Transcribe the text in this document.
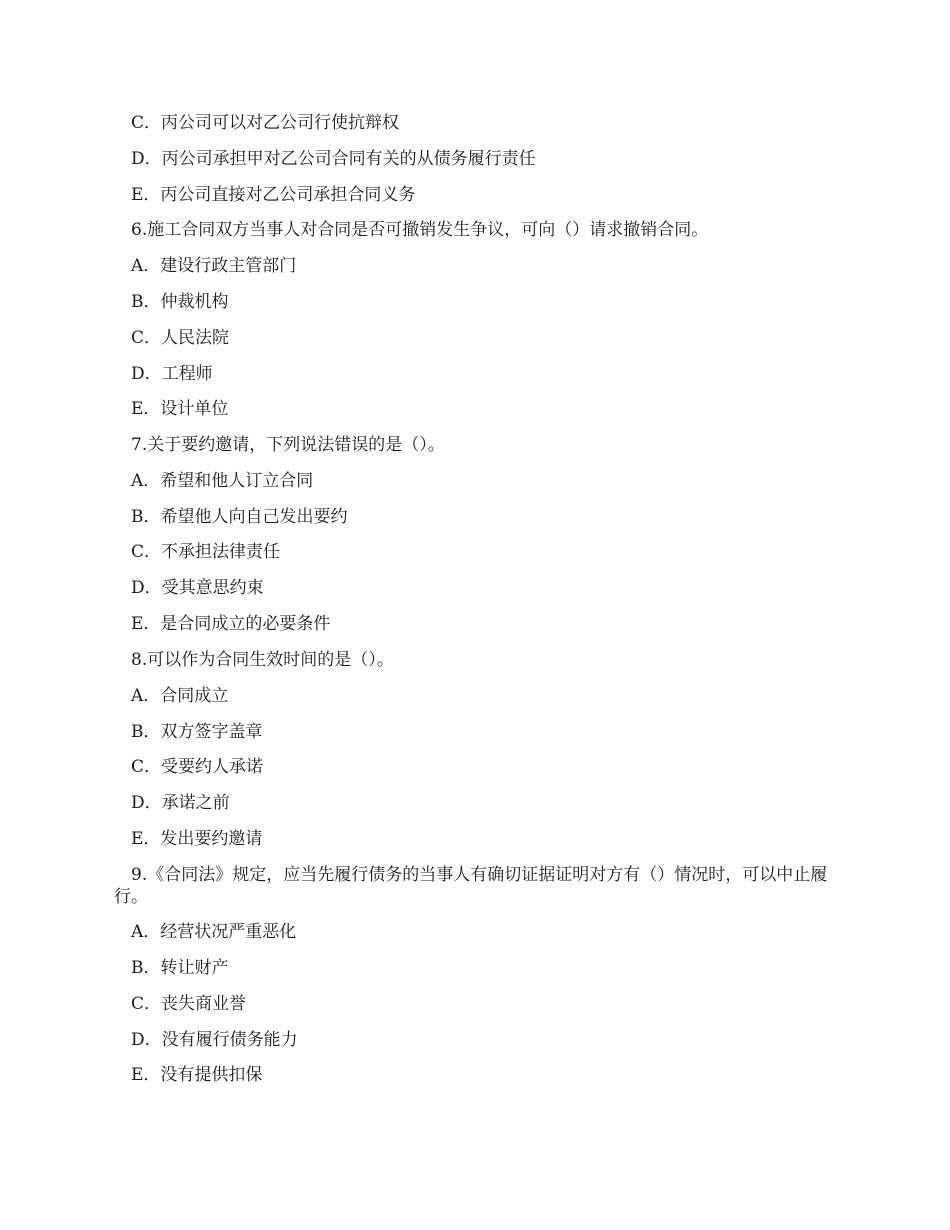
C．丙公司可以对乙公司行使抗辩权
D．丙公司承担甲对乙公司合同有关的从债务履行责任
E．丙公司直接对乙公司承担合同义务
6.施工合同双方当事人对合同是否可撤销发生争议，可向（）请求撤销合同。
A．建设行政主管部门
B．仲裁机构
C．人民法院
D．工程师
E．设计单位
7.关于要约邀请，下列说法错误的是（）。
A．希望和他人订立合同
B．希望他人向自己发出要约
C．不承担法律责任
D．受其意思约束
E．是合同成立的必要条件
8.可以作为合同生效时间的是（）。
A．合同成立
B．双方签字盖章
C．受要约人承诺
D．承诺之前
E．发出要约邀请
9.《合同法》规定，应当先履行债务的当事人有确切证据证明对方有（）情况时，可以中止履行。
A．经营状况严重恶化
B．转让财产
C．丧失商业誉
D．没有履行债务能力
E．没有提供扣保
